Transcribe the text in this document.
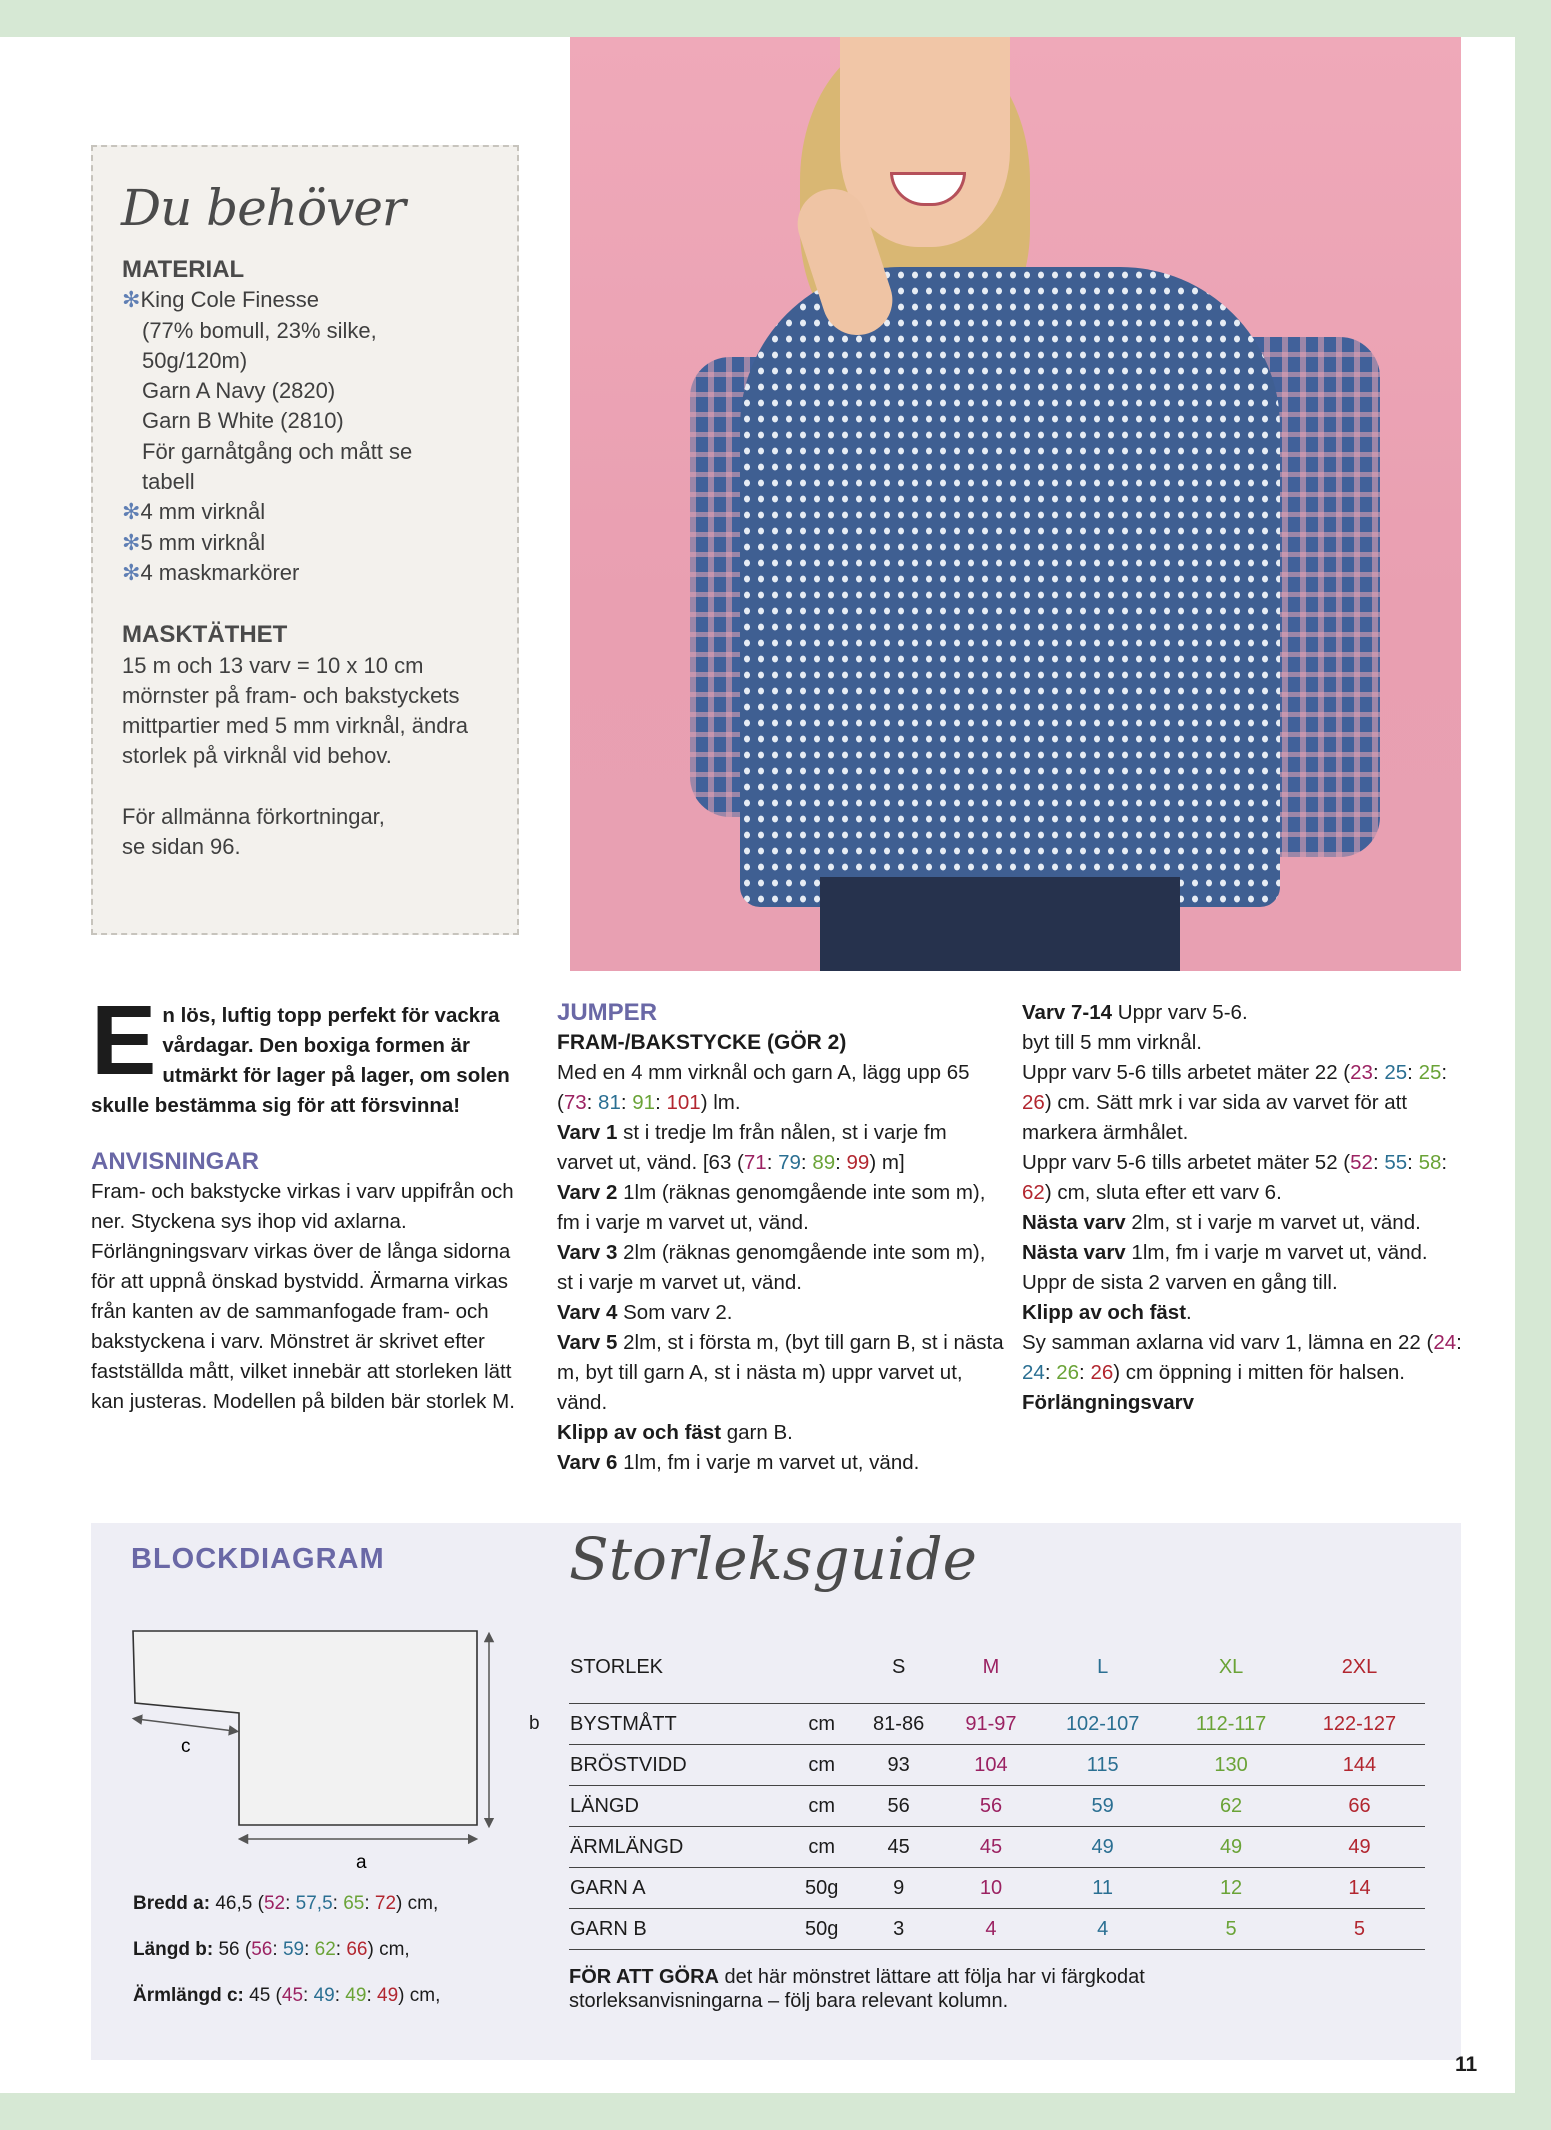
Du behöver
MATERIAL
✻King Cole Finesse
(77% bomull, 23% silke,
50g/120m)
Garn A Navy (2820)
Garn B White (2810)
För garnåtgång och mått se
tabell
✻4 mm virknål
✻5 mm virknål
✻4 maskmarkörer
MASKTÄTHET
15 m och 13 varv = 10 x 10 cm mörnster på fram- och bakstyckets mittpartier med 5 mm virknål, ändra storlek på virknål vid behov.
För allmänna förkortningar,
se sidan 96.
En lös, luftig topp perfekt för vackra vårdagar. Den boxiga formen är utmärkt för lager på lager, om solen skulle bestämma sig för att försvinna!
ANVISNINGAR
Fram- och bakstycke virkas i varv uppifrån och ner. Styckena sys ihop vid axlarna. Förlängningsvarv virkas över de långa sidorna för att uppnå önskad bystvidd. Ärmarna virkas från kanten av de sammanfogade fram- och bakstyckena i varv. Mönstret är skrivet efter fastställda mått, vilket innebär att storleken lätt kan justeras. Modellen på bilden bär storlek M.
JUMPER
FRAM-/BAKSTYCKE (GÖR 2)
Med en 4 mm virknål och garn A, lägg upp 65 (73: 81: 91: 101) lm.
Varv 1 st i tredje lm från nålen, st i varje fm varvet ut, vänd. [63 (71: 79: 89: 99) m]
Varv 2 1lm (räknas genomgående inte som m), fm i varje m varvet ut, vänd.
Varv 3 2lm (räknas genomgående inte som m), st i varje m varvet ut, vänd.
Varv 4 Som varv 2.
Varv 5 2lm, st i första m, (byt till garn B, st i nästa m, byt till garn A, st i nästa m) uppr varvet ut, vänd.
Klipp av och fäst garn B.
Varv 6 1lm, fm i varje m varvet ut, vänd.
Varv 7-14 Uppr varv 5-6.
byt till 5 mm virknål.
Uppr varv 5-6 tills arbetet mäter 22 (23: 25: 25: 26) cm. Sätt mrk i var sida av varvet för att markera ärmhålet.
Uppr varv 5-6 tills arbetet mäter 52 (52: 55: 58: 62) cm, sluta efter ett varv 6.
Nästa varv 2lm, st i varje m varvet ut, vänd.
Nästa varv 1lm, fm i varje m varvet ut, vänd.
Uppr de sista 2 varven en gång till.
Klipp av och fäst.
Sy samman axlarna vid varv 1, lämna en 22 (24: 24: 26: 26) cm öppning i mitten för halsen.
Förlängningsvarv
BLOCKDIAGRAM
c
a
b
Bredd a: 46,5 (52: 57,5: 65: 72) cm,
Längd b: 56 (56: 59: 62: 66) cm,
Ärmlängd c: 45 (45: 49: 49: 49) cm,
Storleksguide
STORLEK		S	M	L	XL	2XL
BYSTMÅTT	cm	81-86	91-97	102-107	112-117	122-127
BRÖSTVIDD	cm	93	104	115	130	144
LÄNGD	cm	56	56	59	62	66
ÄRMLÄNGD	cm	45	45	49	49	49
GARN A	50g	9	10	11	12	14
GARN B	50g	3	4	4	5	5
FÖR ATT GÖRA det här mönstret lättare att följa har vi färgkodat storleksanvisningarna – följ bara relevant kolumn.
11
